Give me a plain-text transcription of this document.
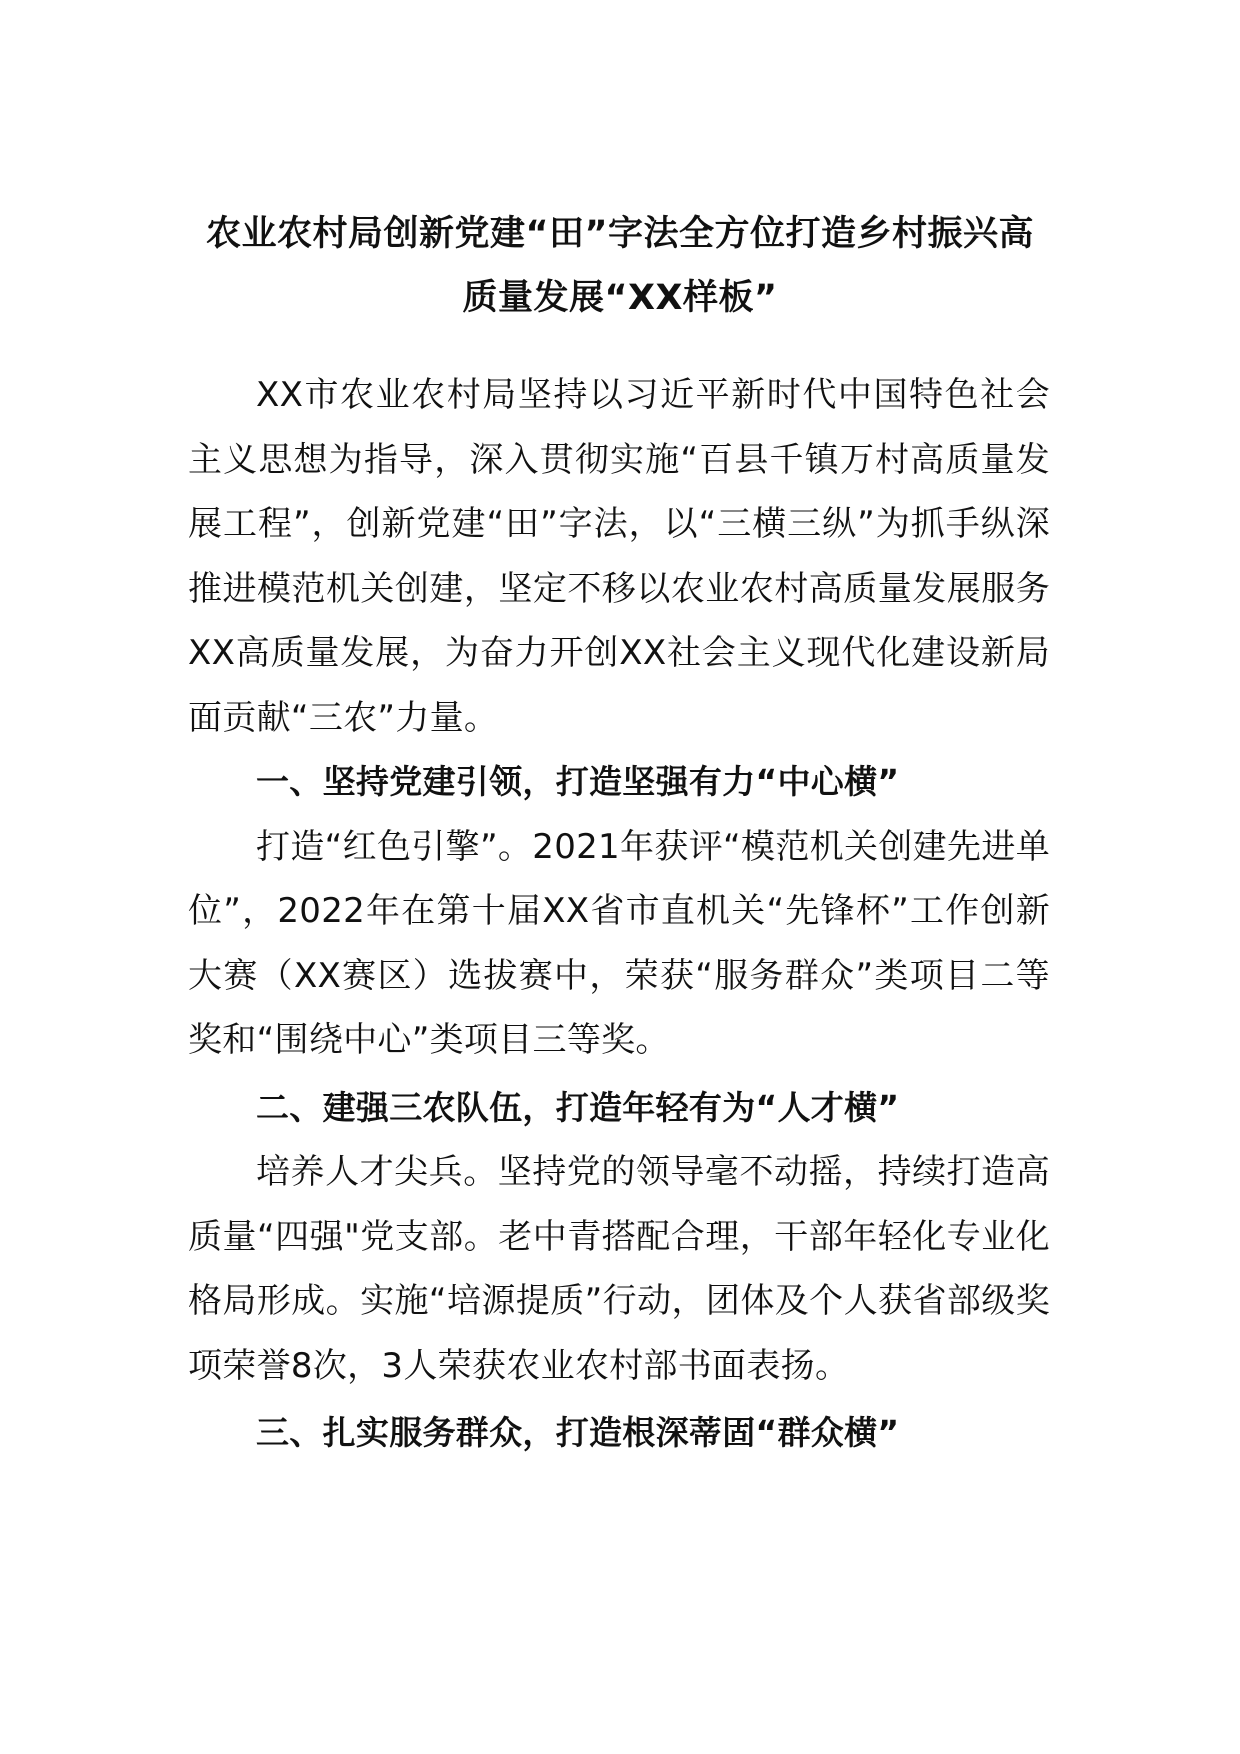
农业农村局创新党建“田”字法全方位打造乡村振兴高质量发展“XX样板”

XX市农业农村局坚持以习近平新时代中国特色社会主义思想为指导，深入贯彻实施“百县千镇万村高质量发展工程”，创新党建“田”字法，以“三横三纵”为抓手纵深推进模范机关创建，坚定不移以农业农村高质量发展服务XX高质量发展，为奋力开创XX社会主义现代化建设新局面贡献“三农”力量。

一、坚持党建引领，打造坚强有力“中心横”

打造“红色引擎”。2021年获评“模范机关创建先进单位”，2022年在第十届XX省市直机关“先锋杯”工作创新大赛（XX赛区）选拔赛中，荣获“服务群众”类项目二等奖和“围绕中心”类项目三等奖。

二、建强三农队伍，打造年轻有为“人才横”

培养人才尖兵。坚持党的领导毫不动摇，持续打造高质量“四强"党支部。老中青搭配合理，干部年轻化专业化格局形成。实施“培源提质”行动，团体及个人获省部级奖项荣誉8次，3人荣获农业农村部书面表扬。

三、扎实服务群众，打造根深蒂固“群众横”
